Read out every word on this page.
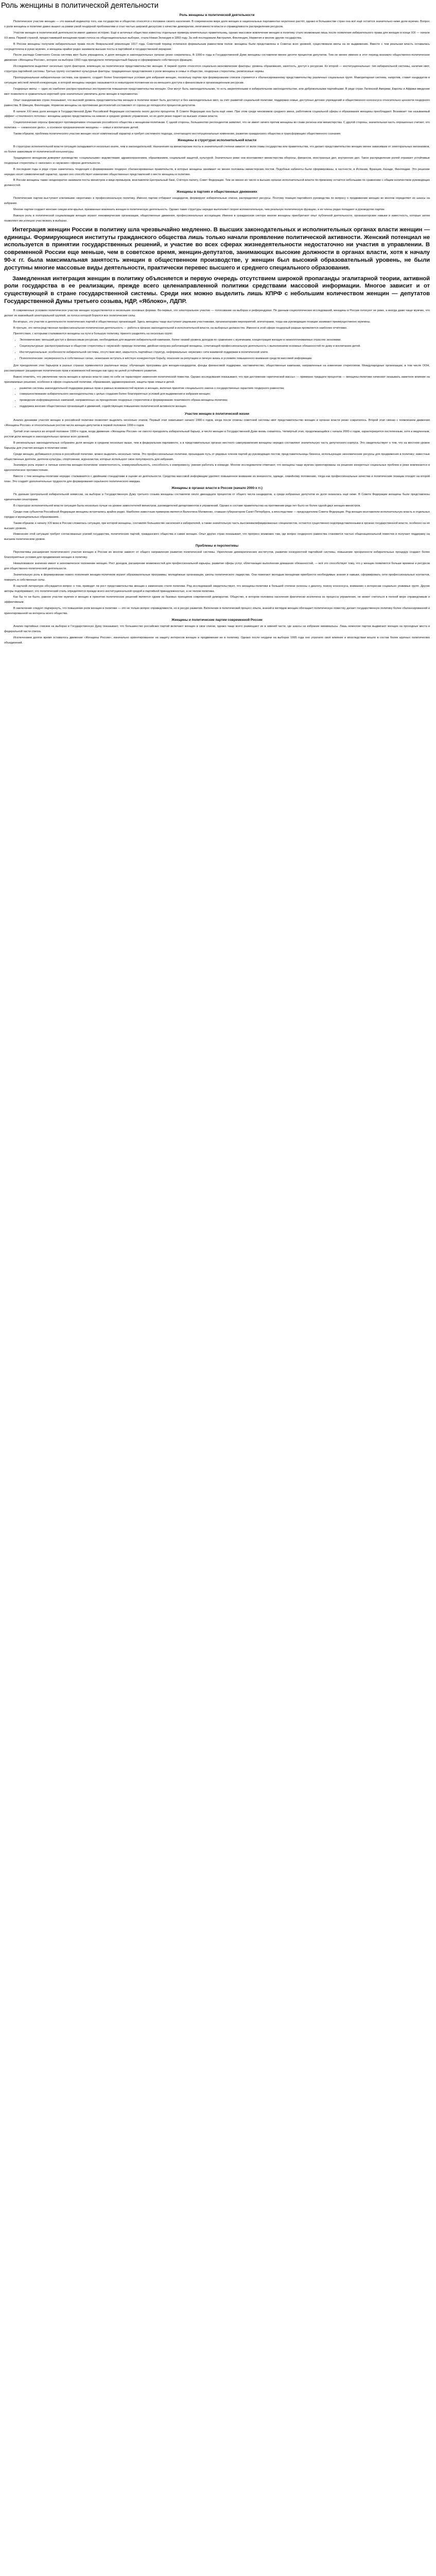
Роль женщины в политической деятельности
Роль женщины в политической деятельности

Политическое участие женщин — это важный индикатор того, как государство и общество относятся к половине своего населения. В современном мире доля женщин в национальных парламентах неуклонно растёт, однако в большинстве стран она всё ещё остаётся значительно ниже доли мужчин. Вопрос о роли женщины в политике давно вышел за рамки узкой гендерной проблематики и стал частью широкой дискуссии о качестве демократии, легитимности власти и справедливости распределения ресурсов.

Участие женщин в политической деятельности имеет давнюю историю. Ещё в античных обществах известны отдельные примеры влиятельных правительниц, однако массовое вовлечение женщин в политику стало возможным лишь после появления избирательного права для женщин в конце XIX — начале XX века. Первой страной, предоставившей женщинам право голоса на общенациональных выборах, стала Новая Зеландия в 1893 году. За ней последовали Австралия, Финляндия, Норвегия и многие другие государства.

В России женщины получили избирательные права после Февральской революции 1917 года. Советский период отличался формальным равенством полов: женщины были представлены в Советах всех уровней, существовали квоты на их выдвижение. Вместе с тем реальная власть оставалась сосредоточена в руках мужчин, и женщины крайне редко занимали высшие посты в партийной и государственной иерархии.

После распада Советского Союза система квот была упразднена, и доля женщин в законодательных органах резко сократилась. В 1990-е годы в Государственной Думе женщины составляли менее десяти процентов депутатов. Тем не менее именно в этот период возникло общественно-политическое движение «Женщины России», которое на выборах 1993 года преодолело пятипроцентный барьер и сформировало собственную фракцию.

Исследователи выделяют несколько групп факторов, влияющих на политическое представительство женщин. К первой группе относятся социально-экономические факторы: уровень образования, занятость, доступ к ресурсам. Ко второй — институциональные: тип избирательной системы, наличие квот, структура партийной системы. Третью группу составляют культурные факторы: традиционные представления о роли женщины в семье и обществе, гендерные стереотипы, религиозные нормы.

Пропорциональная избирательная система, как правило, создаёт более благоприятные условия для избрания женщин, поскольку партии при формировании списков стремятся к сбалансированному представительству различных социальных групп. Мажоритарная система, напротив, ставит кандидатов в ситуацию жёсткой личной конкуренции, в которой женщины нередко оказываются в невыгодном положении из-за меньшего доступа к финансовым и организационным ресурсам.

Гендерные квоты — один из наиболее распространённых инструментов повышения представительства женщин. Они могут быть законодательными, то есть закреплёнными в избирательном законодательстве, или добровольными партийными. В ряде стран Латинской Америки, Европы и Африки введение квот позволило в сравнительно короткий срок значительно увеличить долю женщин в парламентах.

Опыт скандинавских стран показывает, что высокий уровень представительства женщин в политике может быть достигнут и без законодательных квот, за счёт развитой социальной политики, поддержки семьи, доступных детских учреждений и общественного консенсуса относительно ценности гендерного равенства. В Швеции, Финляндии, Норвегии женщины на протяжении десятилетий составляют от сорока до пятидесяти процентов депутатов.

В начале XXI века доля женщин в Государственной Думе Российской Федерации составляла около десяти процентов. В Совете Федерации она была ещё ниже. При этом среди чиновников среднего звена, работников социальной сферы и образования женщины преобладают. Возникает так называемый эффект «стеклянного потолка»: женщины широко представлены на нижних и средних уровнях управления, но их доля резко падает на высших этажах власти.

Социологические опросы фиксируют противоречивое отношение российского общества к женщинам-политикам. С одной стороны, большинство респондентов заявляет, что не имеет ничего против женщины во главе региона или министерства. С другой стороны, значительная часть опрошенных считает, что политика — «неженское дело», а основное предназначение женщины — семья и воспитание детей.

Таким образом, проблема политического участия женщин носит комплексный характер и требует системного подхода, сочетающего институциональные изменения, развитие гражданского общества и трансформацию общественного сознания.

Женщины в структурах исполнительной власти

В структурах исполнительной власти ситуация складывается несколько иначе, чем в законодательной. Назначения на министерские посты в значительной степени зависят от воли главы государства или правительства, что делает представительство женщин менее зависимым от электоральных механизмов, но более зависимым от политической конъюнктуры.

Традиционно женщинам доверяют руководство «социальными» ведомствами: здравоохранением, образованием, социальной защитой, культурой. Значительно реже они возглавляют министерства обороны, финансов, иностранных дел, внутренних дел. Такое распределение ролей отражает устойчивые гендерные стереотипы о «женских» и «мужских» сферах деятельности.

В последние годы в ряде стран наметилась тенденция к формированию гендерно сбалансированных правительств, в которых женщины занимают не менее половины министерских постов. Подобные кабинеты были сформированы, в частности, в Испании, Франции, Канаде, Финляндии. Это решение нередко носит символический характер, однако оно способствует изменению общественных представлений о месте женщины в политике.

В России женщины также неоднократно занимали посты министров и вице-премьеров, возглавляли Центральный банк, Счётную палату, Совет Федерации. Тем не менее их число в высших органах исполнительной власти по-прежнему остаётся небольшим по сравнению с общим количеством руководящих должностей.

Женщины в партиях и общественных движениях

Политические партии выступают ключевыми «воротами» в профессиональную политику. Именно партии отбирают кандидатов, формируют избирательные списки, распределяют ресурсы. Поэтому позиция партийного руководства по вопросу о продвижении женщин во многом определяет их шансы на избрание.

Многие партии создают женские секции или крылья, призванные вовлекать женщин в политическую деятельность. Однако такие структуры нередко выполняют скорее вспомогательную, чем реальную политическую функцию, и их члены редко попадают в руководство партии.

Важную роль в политической социализации женщин играют некоммерческие организации, общественные движения, профессиональные ассоциации. Именно в гражданском секторе многие женщины приобретают опыт публичной деятельности, организаторские навыки и известность, которые затем позволяют им успешно участвовать в выборах.

Интеграция женщин России в политику шла чрезвычайно медленно. В высших законодательных и исполнительных органах власти женщин — единицы. Формирующиеся институты гражданского общества лишь только начали проявление политической активности. Женский потенциал не используется в принятии государственных решений, и участие во всех сферах жизнедеятельности недостаточно ни участия в управлении. В современной России еще меньше, чем в советское время, женщин-депутатов, занимающих высокие должности в органах власти, хотя к началу 90-х гг. была максимальная занятость женщин в общественном производстве, у женщин был высокий образовательный уровень, не были доступны многие массовые виды деятельности, практически перевес высшего и среднего специального образования.
Замедленная интеграция женщин в политику объясняется и первую очередь отсутствием широкой пропаганды эгалитарной теории, активной роли государства в ее реализации, прежде всего целенаправленной политики средствами массовой информации. Многое зависит и от существующей в стране государственной системы. Среди них можно выделить лишь КПРФ с небольшим количеством женщин — депутатов Государственной Думы третьего созыва, НДР, «Яблоко», ЛДПР.

В современных условиях политическое участие женщин осуществляется в нескольких основных формах. Во-первых, это электоральное участие — голосование на выборах и референдумах. По данным социологических исследований, женщины в России голосуют не реже, а иногда даже чаще мужчин, что делает их важнейшей электоральной группой, за голоса которой борются все политические силы.

Во-вторых, это участие в деятельности политических партий и общественных организаций. Здесь женщины чаще выступают рядовыми участниками, организаторами мероприятий, агитаторами, тогда как руководящие позиции занимают преимущественно мужчины.

В-третьих, это непосредственная профессиональная политическая деятельность — работа в органах законодательной и исполнительной власти, на выборных должностях. Именно в этой сфере гендерный разрыв проявляется наиболее отчётливо.

Препятствия, с которыми сталкиваются женщины на пути в большую политику, принято разделять на несколько групп:

• Экономические: меньший доступ к финансовым ресурсам, необходимым для ведения избирательной кампании, более низкий уровень доходов по сравнению с мужчинами, концентрация женщин в низкооплачиваемых отраслях экономики.
• Социокультурные: распространённые в обществе стереотипы о «мужской» природе политики, двойная нагрузка работающей женщины, сочетающей профессиональную деятельность с выполнением основных обязанностей по дому и воспитанию детей.
• Институциональные: особенности избирательной системы, отсутствие квот, закрытость партийных структур, неформальные «мужские» сети взаимной поддержки в политической элите.
• Психологические: неуверенность в собственных силах, нежелание вступать в жёсткую конкурентную борьбу, опасения за репутацию и личную жизнь в условиях повышенного внимания средств массовой информации.

Для преодоления этих барьеров в разных странах применяются различные меры: обучающие программы для женщин-кандидатов, фонды финансовой поддержки, наставничество, общественные кампании, направленные на изменение стереотипов. Международные организации, в том числе ООН, рассматривают расширение политических прав и возможностей женщин как одну из целей устойчивого развития.

Важно отметить, что увеличение числа женщин в органах власти само по себе не гарантирует изменения политической повестки. Однако исследования показывают, что при достижении «критической массы» — примерно тридцати процентов — женщины-политики начинают оказывать заметное влияние на принимаемые решения, особенно в сфере социальной политики, образования, здравоохранения, защиты прав семьи и детей.

• развитие системы законодательной поддержки равных прав и равных возможностей мужчин и женщин, включая принятие специального закона о государственных гарантиях гендерного равенства;
• совершенствование избирательного законодательства с целью создания более благоприятных условий для выдвижения и избрания женщин;
• проведение информационных кампаний, направленных на преодоление гендерных стереотипов и формирование позитивного образа женщины-политика;
• поддержка женских общественных организаций и движений, содействующих повышению политической активности женщин.
Участие женщин в политической жизни

Анализ динамики участия женщин в российской политике позволяет выделить несколько этапов. Первый этап охватывает начало 1990-х годов, когда после отмены советской системы квот представительство женщин в органах власти резко сократилось. Второй этап связан с появлением движения «Женщины России» и относительным ростом числа женщин-депутатов в первой половине 1990-х годов.

Третий этап начался во второй половине 1990-х годов, когда движение «Женщины России» не смогло преодолеть избирательный барьер, и число женщин в Государственной Думе вновь снизилось. Четвёртый этап, продолжающийся с начала 2000-х годов, характеризуется постепенным, хотя и медленным, ростом доли женщин в законодательных органах всех уровней.

В региональных законодательных собраниях доля женщин в среднем несколько выше, чем в федеральном парламенте, а в представительных органах местного самоуправления женщины нередко составляют значительную часть депутатского корпуса. Это свидетельствует о том, что на местном уровне барьеры для участия женщин в политике ниже.

Среди женщин, добившихся успеха в российской политике, можно выделить несколько типов. Это профессиональные политики, прошедшие путь от рядовых членов партий до руководящих постов; представительницы бизнеса, использующие экономические ресурсы для продвижения в политику; известные общественные деятели, деятели культуры, спортсменки, журналистки, которые используют свою популярность для избрания.

Значимую роль играют и личные качества женщин-политиков: компетентность, коммуникабельность, способность к компромиссу, умение работать в команде. Многие исследователи отмечают, что женщины чаще мужчин ориентированы на решение конкретных социальных проблем и реже вовлекаются в идеологическое противостояние.

Вместе с тем женщины-политики нередко сталкиваются с двойными стандартами в оценке их деятельности. Средства массовой информации уделяют повышенное внимание их внешности, одежде, семейному положению, тогда как профессиональные качества и политические позиции отходят на второй план. Это создаёт дополнительные трудности для формирования серьёзного политического имиджа.

Женщины в органах власти в России (начало 2000-х гг.)

По данным Центральной избирательной комиссии, на выборах в Государственную Думу третьего созыва женщины составляли около двенадцати процентов от общего числа кандидатов, а среди избранных депутатов их доля оказалась ещё ниже. В Совете Федерации женщины были представлены единичными сенаторами.

В структурах исполнительной власти ситуация была несколько лучше на уровне заместителей министров, руководителей департаментов и управлений. Однако в составе правительства на протяжении ряда лет было не более одной-двух женщин-министров.

Среди глав субъектов Российской Федерации женщины встречались крайне редко. Наиболее известным примером является Валентина Матвиенко, ставшая губернатором Санкт-Петербурга, а впоследствии — председателем Совета Федерации. Ряд женщин возглавляли исполнительную власть в отдельных городах и муниципальных образованиях.

Таким образом, к началу XXI века в России сложилась ситуация, при которой женщины, составляя большинство населения и избирателей, а также значительную часть высококвалифицированных специалистов, остаются существенно недопредставленными в органах государственной власти, особенно на её высших уровнях.

Изменение этой ситуации требует согласованных усилий государства, политических партий, гражданского общества и самих женщин. Опыт других стран показывает, что прогресс возможен там, где вопрос гендерного равенства становится частью общенациональной повестки и получает поддержку на высшем политическом уровне.

Проблемы и перспективы

Перспективы расширения политического участия женщин в России во многом зависят от общего направления развития политической системы. Укрепление демократических институтов, развитие конкурентной партийной системы, повышение прозрачности избирательных процедур создают более благоприятные условия для продвижения женщин в политику.

Немаловажное значение имеет и экономическое положение женщин. Рост доходов, расширение возможностей для профессиональной карьеры, развитие сферы услуг, облегчающих выполнение домашних обязанностей, — всё это способствует тому, что у женщин появляется больше времени и ресурсов для общественно-политической деятельности.

Значительную роль в формировании нового поколения женщин-политиков играют образовательные программы, молодёжные организации, школы политического лидерства. Они помогают молодым женщинам приобрести необходимые знания и навыки, сформировать сети профессиональных контактов, поверить в собственные силы.

В научной литературе обсуждается вопрос о том, приводит ли рост представительства женщин к изменению стиля политики. Ряд исследований свидетельствует, что женщины-политики в большей степени склонны к диалогу, поиску консенсуса, вниманию к интересам социально уязвимых групп. Другие авторы подчёркивают, что политический стиль определяется прежде всего институциональной средой и партийной принадлежностью, а не полом политика.

Как бы то ни было, равное участие мужчин и женщин в принятии политических решений является одним из базовых принципов современной демократии. Общество, в котором половина населения фактически исключена из процесса управления, не может считаться в полной мере справедливым и эффективным.

В заключение следует подчеркнуть, что повышение роли женщин в политике — это не только вопрос справедливости, но и ресурс развития. Включение в политический процесс опыта, знаний и взглядов женщин обогащает политическую повестку, делает государственную политику более сбалансированной и ориентированной на интересы всего общества.

Женщины и политические партии современной России

Анализ партийных списков на выборах в Государственную Думу показывает, что большинство российских партий включают женщин в свои списки, однако чаще всего размещают их в нижней части, где шансы на избрание минимальны. Лишь немногие партии выдвигают женщин на проходные места в федеральной части списка.

Исключением долгое время оставалось движение «Женщины России», изначально ориентированное на защиту интересов женщин и продвижение их в политику. Однако после неудачи на выборах 1995 года оно утратило своё влияние и впоследствии вошло в состав более крупных политических объединений.
